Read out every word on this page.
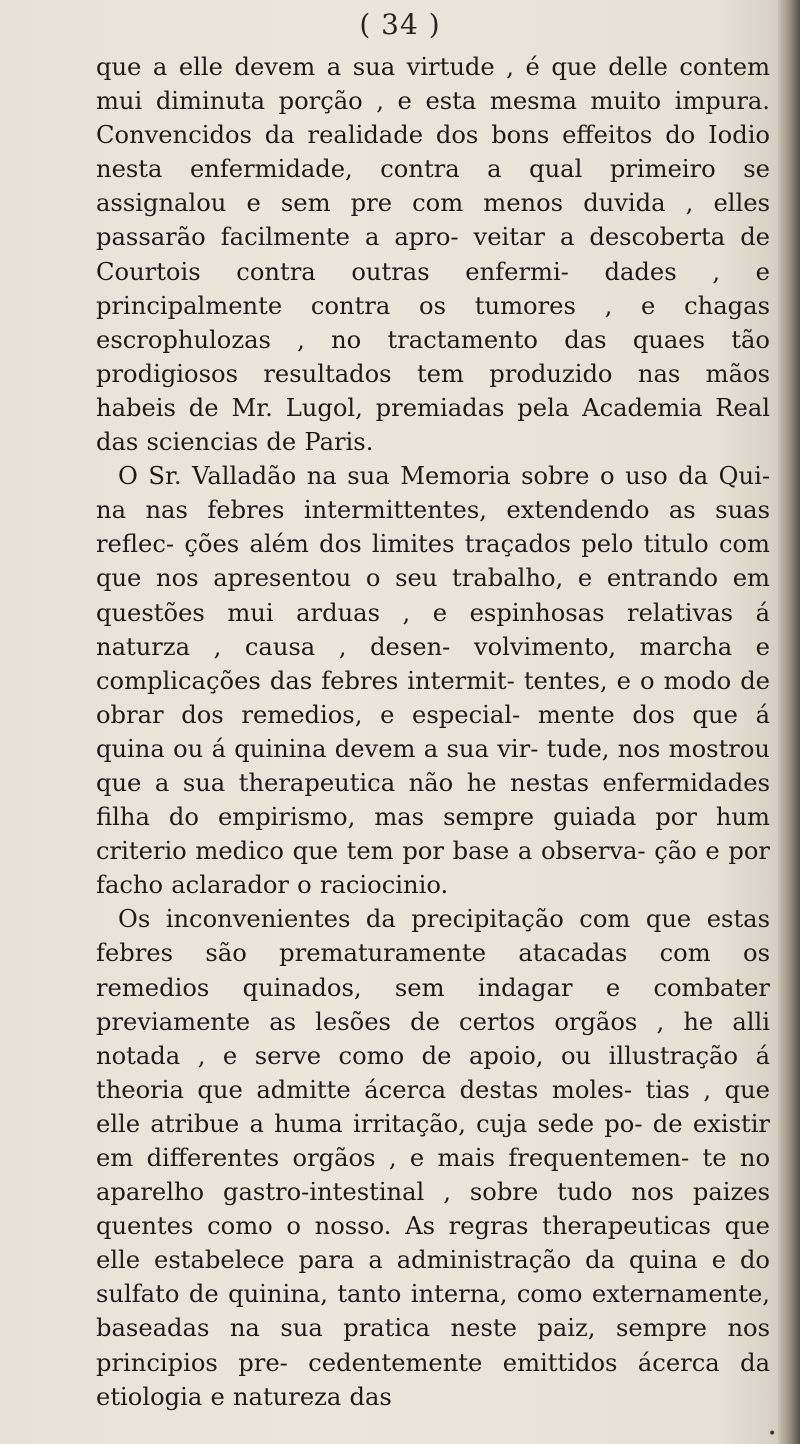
( 34 )

que a elle devem a sua virtude , é que delle contem mui diminuta porção , e esta mesma muito impura. Convencidos da realidade dos bons effeitos do Iodio nesta enfermidade, contra a qual primeiro se assignalou e sem pre com menos duvida , elles passarão facilmente a apro- veitar a descoberta de Courtois contra outras enfermi- dades , e principalmente contra os tumores , e chagas escrophulozas , no tractamento das quaes tão prodigiosos resultados tem produzido nas mãos habeis de Mr. Lugol, premiadas pela Academia Real das sciencias de Paris.

O Sr. Valladão na sua Memoria sobre o uso da Qui- na nas febres intermittentes, extendendo as suas reflec- ções além dos limites traçados pelo titulo com que nos apresentou o seu trabalho, e entrando em questões mui arduas , e espinhosas relativas á naturza , causa , desen- volvimento, marcha e complicações das febres intermit- tentes, e o modo de obrar dos remedios, e especial- mente dos que á quina ou á quinina devem a sua vir- tude, nos mostrou que a sua therapeutica não he nestas enfermidades filha do empirismo, mas sempre guiada por hum criterio medico que tem por base a observa- ção e por facho aclarador o raciocinio.

Os inconvenientes da precipitação com que estas febres são prematuramente atacadas com os remedios quinados, sem indagar e combater previamente as lesões de certos orgãos , he alli notada , e serve como de apoio, ou illustração á theoria que admitte ácerca destas moles- tias , que elle atribue a huma irritação, cuja sede po- de existir em differentes orgãos , e mais frequentemen- te no aparelho gastro-intestinal , sobre tudo nos paizes quentes como o nosso. As regras therapeuticas que elle estabelece para a administração da quina e do sulfato de quinina, tanto interna, como externamente, baseadas na sua pratica neste paiz, sempre nos principios pre- cedentemente emittidos ácerca da etiologia e natureza das

•
